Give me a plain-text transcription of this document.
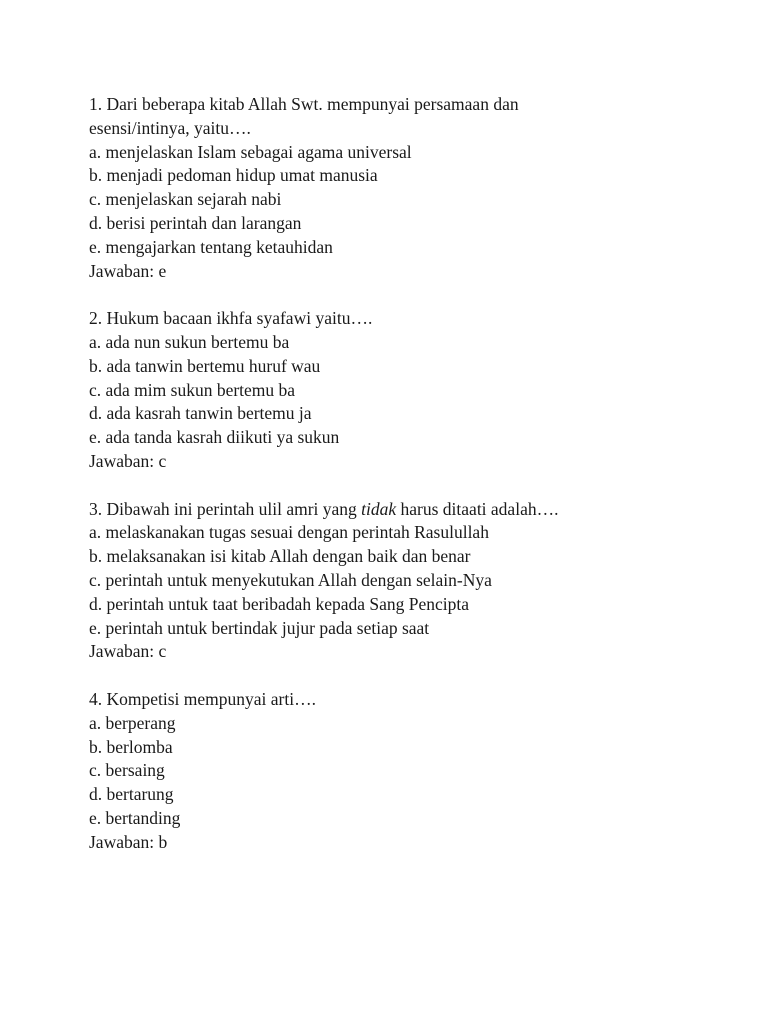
1. Dari beberapa kitab Allah Swt. mempunyai persamaan dan esensi/intinya, yaitu….
a. menjelaskan Islam sebagai agama universal
b. menjadi pedoman hidup umat manusia
c. menjelaskan sejarah nabi
d. berisi perintah dan larangan
e. mengajarkan tentang ketauhidan
Jawaban: e
2. Hukum bacaan ikhfa syafawi yaitu….
a. ada nun sukun bertemu ba
b. ada tanwin bertemu huruf wau
c. ada mim sukun bertemu ba
d. ada kasrah tanwin bertemu ja
e. ada tanda kasrah diikuti ya sukun
Jawaban: c
3. Dibawah ini perintah ulil amri yang tidak harus ditaati adalah….
a. melaskanakan tugas sesuai dengan perintah Rasulullah
b. melaksanakan isi kitab Allah dengan baik dan benar
c. perintah untuk menyekutukan Allah dengan selain-Nya
d. perintah untuk taat beribadah kepada Sang Pencipta
e. perintah untuk bertindak jujur pada setiap saat
Jawaban: c
4. Kompetisi mempunyai arti….
a. berperang
b. berlomba
c. bersaing
d. bertarung
e. bertanding
Jawaban: b
